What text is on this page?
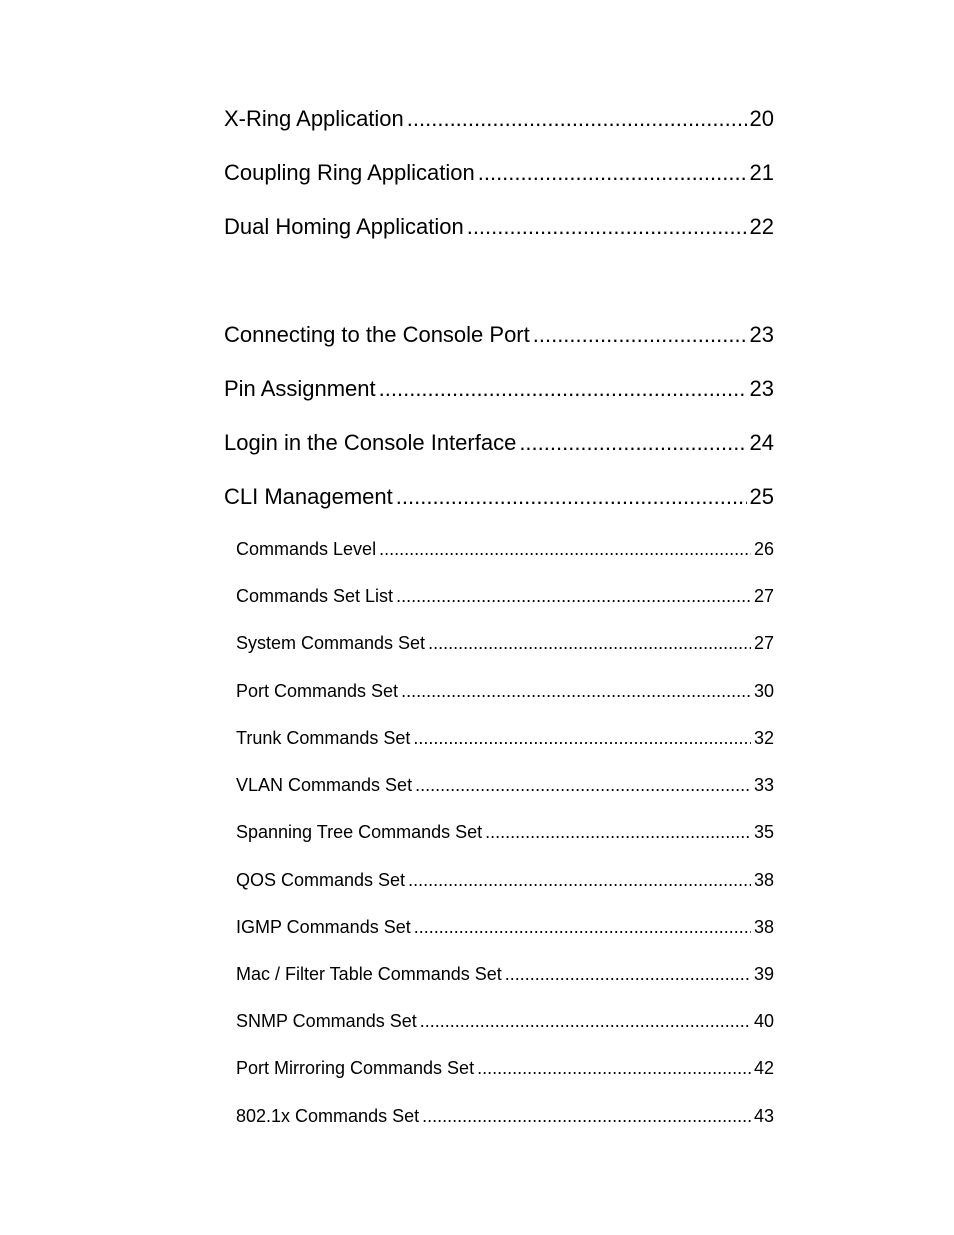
X-Ring Application .....	20
Coupling Ring Application .....	21
Dual Homing Application .....	22
Connecting to the Console Port .....	23
Pin Assignment .....	23
Login in the Console Interface .....	24
CLI Management .....	25
Commands Level .....	26
Commands Set List .....	27
System Commands Set .....	27
Port Commands Set .....	30
Trunk Commands Set .....	32
VLAN Commands Set .....	33
Spanning Tree Commands Set .....	35
QOS Commands Set .....	38
IGMP Commands Set .....	38
Mac / Filter Table Commands Set .....	39
SNMP Commands Set .....	40
Port Mirroring Commands Set .....	42
802.1x Commands Set .....	43
